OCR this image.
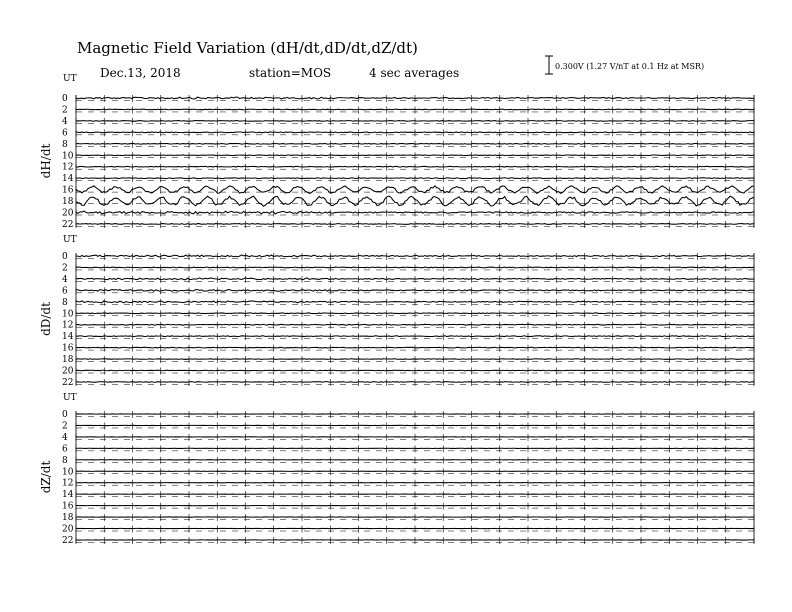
Magnetic Field Variation (dH/dt,dD/dt,dZ/dt)
Dec.13, 2018	station=MOS	4 sec averages	0.300V (1.27 V/nT at 0.1 Hz at MSR)
UT
dH/dt
0
2
4
6
8
10
12
14
16
18
20
22
UT
dD/dt
0
2
4
6
8
10
12
14
16
18
20
22
UT
dZ/dt
0
2
4
6
8
10
12
14
16
18
20
22
